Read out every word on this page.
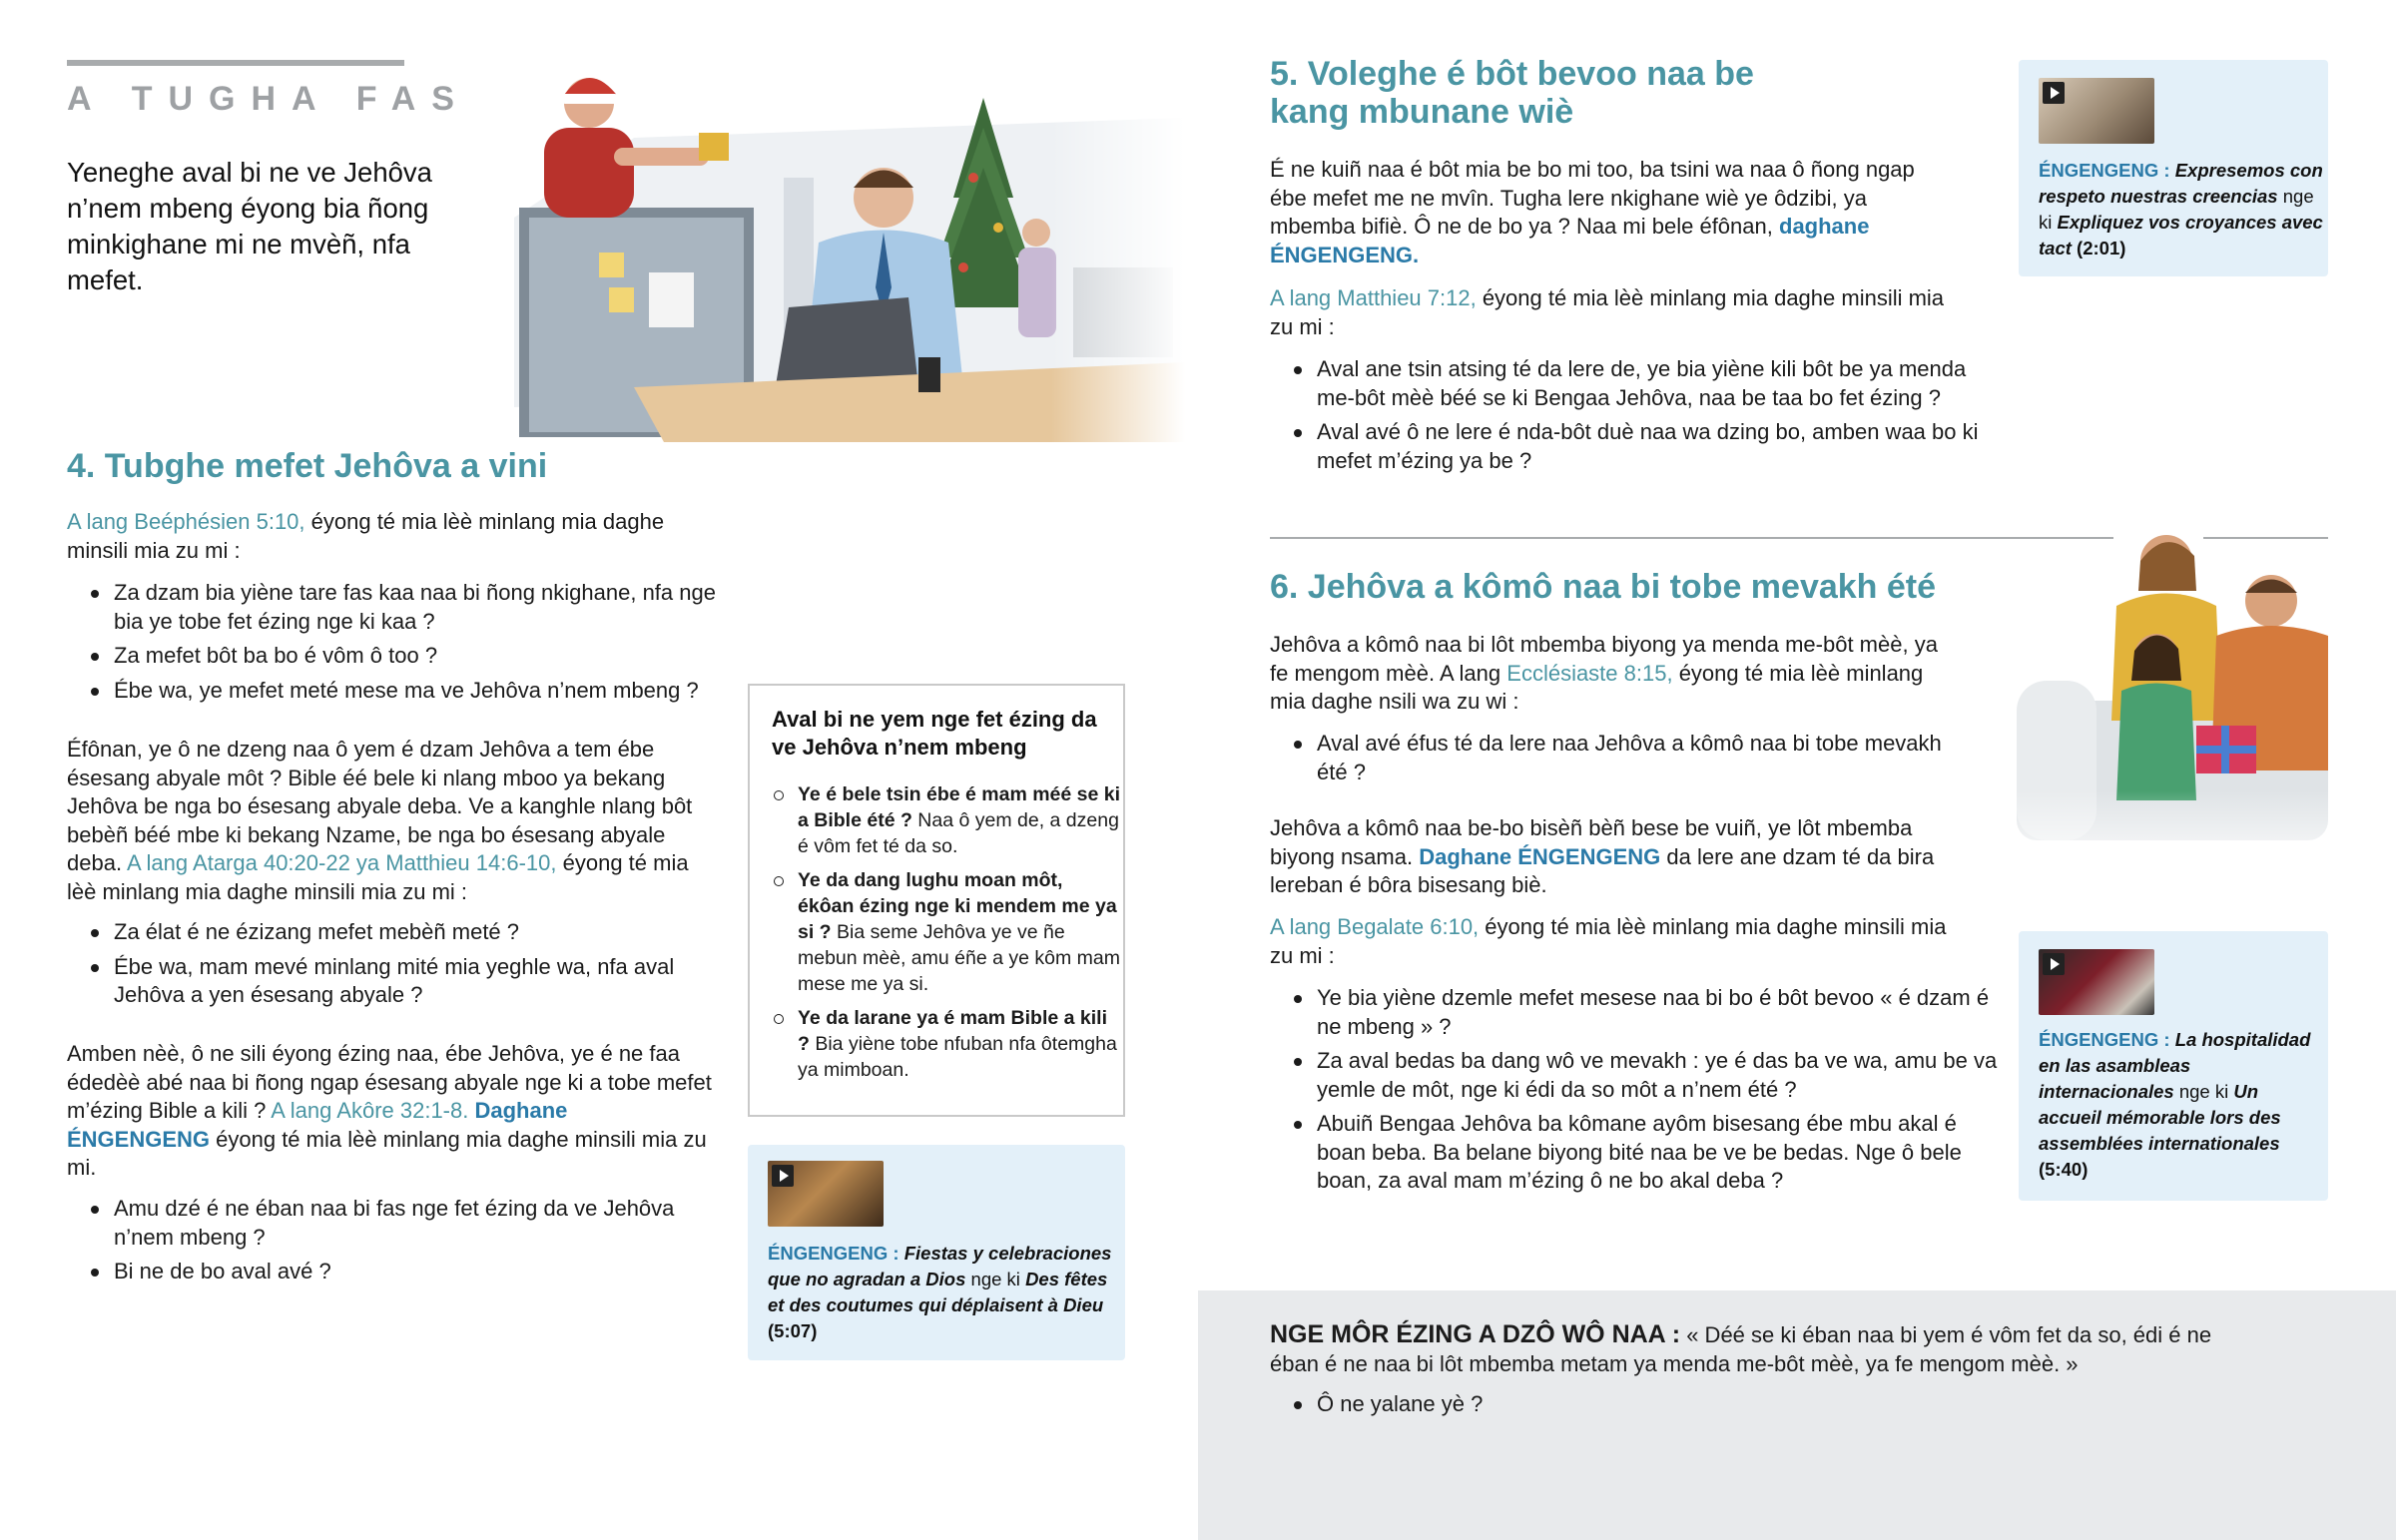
A TUGHA FAS
Yeneghe aval bi ne ve Jehôva n’nem mbeng éyong bia ñong minkighane mi ne mvèñ, nfa mefet.
4. Tubghe mefet Jehôva a vini
A lang Beéphésien 5:10, éyong té mia lèè minlang mia daghe minsili mia zu mi :
Za dzam bia yiène tare fas kaa naa bi ñong nkighane, nfa nge bia ye tobe fet ézing nge ki kaa ?
Za mefet bôt ba bo é vôm ô too ?
Ébe wa, ye mefet meté mese ma ve Jehôva n’nem mbeng ?
Éfônan, ye ô ne dzeng naa ô yem é dzam Jehôva a tem ébe ésesang abyale môt ? Bible éé bele ki nlang mboo ya bekang Jehôva be nga bo ésesang abyale deba. Ve a kanghle nlang bôt bebèñ béé mbe ki bekang Nzame, be nga bo ésesang abyale deba. A lang Atarga 40:20-22 ya Matthieu 14:6-10, éyong té mia lèè minlang mia daghe minsili mia zu mi :
Za élat é ne ézizang mefet mebèñ meté ?
Ébe wa, mam mevé minlang mité mia yeghle wa, nfa aval Jehôva a yen ésesang abyale ?
Amben nèè, ô ne sili éyong ézing naa, ébe Jehôva, ye é ne faa édedèè abé naa bi ñong ngap ésesang abyale nge ki a tobe mefet m’ézing Bible a kili ? A lang Akôre 32:1-8. Daghane ÉNGENGENG éyong té mia lèè minlang mia daghe minsili mia zu mi.
Amu dzé é ne éban naa bi fas nge fet ézing da ve Jehôva n’nem mbeng ?
Bi ne de bo aval avé ?
Aval bi ne yem nge fet ézing da ve Jehôva n’nem mbeng
Ye é bele tsin ébe é mam méé se ki a Bible été ? Naa ô yem de, a dzeng é vôm fet té da so.
Ye da dang lughu moan môt, ékôan ézing nge ki mendem me ya si ? Bia seme Jehôva ye ve ñe mebun mèè, amu éñe a ye kôm mam mese me ya si.
Ye da larane ya é mam Bible a kili ? Bia yiène tobe nfuban nfa ôtemgha ya mimboan.
ÉNGENGENG : Fiestas y celebraciones que no agradan a Dios nge ki Des fêtes et des coutumes qui déplaisent à Dieu (5:07)
5. Voleghe é bôt bevoo naa be
kang mbunane wiè
É ne kuiñ naa é bôt mia be bo mi too, ba tsini wa naa ô ñong ngap ébe mefet me ne mvîn. Tugha lere nkighane wiè ye ôdzibi, ya mbemba bifiè. Ô ne de bo ya ? Naa mi bele éfônan, daghane ÉNGENGENG.
A lang Matthieu 7:12, éyong té mia lèè minlang mia daghe minsili mia zu mi :
Aval ane tsin atsing té da lere de, ye bia yiène kili bôt be ya menda me-bôt mèè béé se ki Bengaa Jehôva, naa be taa bo fet ézing ?
Aval avé ô ne lere é nda-bôt duè naa wa dzing bo, amben waa bo ki mefet m’ézing ya be ?
ÉNGENGENG : Expresemos con respeto nuestras creencias nge ki Expliquez vos croyances avec tact (2:01)
6. Jehôva a kômô naa bi tobe mevakh été
Jehôva a kômô naa bi lôt mbemba biyong ya menda me-bôt mèè, ya fe mengom mèè. A lang Ecclésiaste 8:15, éyong té mia lèè minlang mia daghe nsili wa zu wi :
Aval avé éfus té da lere naa Jehôva a kômô naa bi tobe mevakh été ?
Jehôva a kômô naa be-bo bisèñ bèñ bese be vuiñ, ye lôt mbemba biyong nsama. Daghane ÉNGENGENG da lere ane dzam té da bira lereban é bôra bisesang biè.
A lang Begalate 6:10, éyong té mia lèè minlang mia daghe minsili mia zu mi :
Ye bia yiène dzemle mefet mesese naa bi bo é bôt bevoo « é dzam é ne mbeng » ?
Za aval bedas ba dang wô ve mevakh : ye é das ba ve wa, amu be va yemle de môt, nge ki édi da so môt a n’nem été ?
Abuiñ Bengaa Jehôva ba kômane ayôm bisesang ébe mbu akal é boan beba. Ba belane biyong bité naa be ve be bedas. Nge ô bele boan, za aval mam m’ézing ô ne bo akal deba ?
ÉNGENGENG : La hospitalidad en las asambleas internacionales nge ki Un accueil mémorable lors des assemblées internationales (5:40)
NGE MÔR ÉZING A DZÔ WÔ NAA : « Déé se ki éban naa bi yem é vôm fet da so, édi é ne éban é ne naa bi lôt mbemba metam ya menda me-bôt mèè, ya fe mengom mèè. »
Ô ne yalane yè ?
